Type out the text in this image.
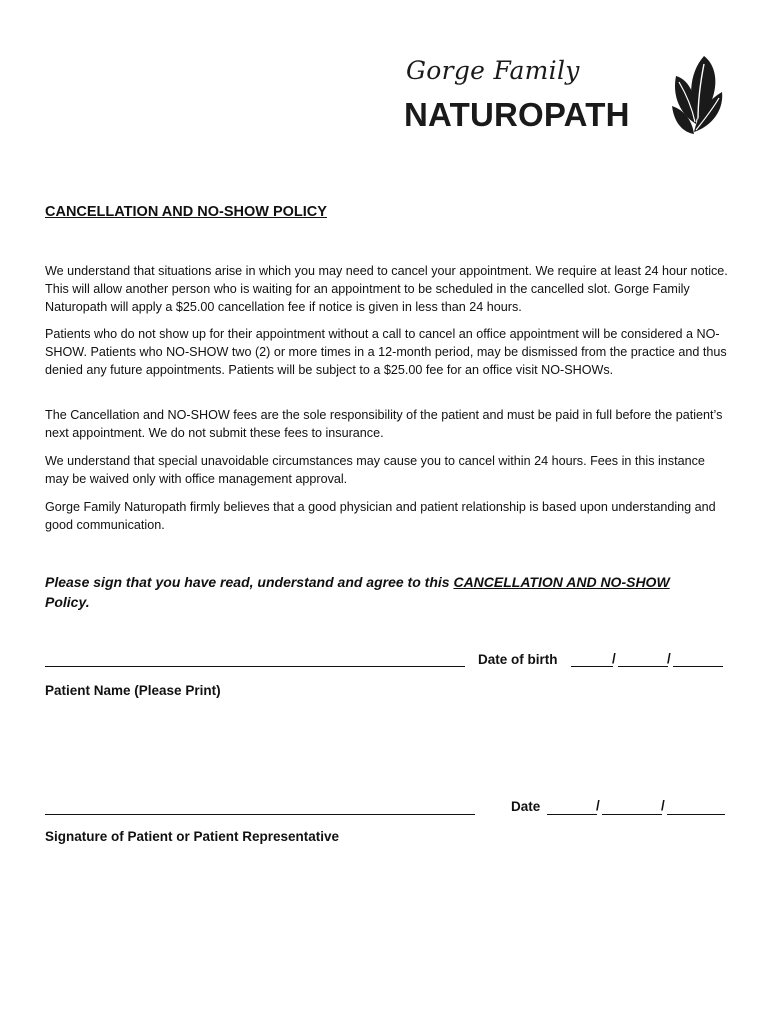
Gorge Family
NATUROPATH
CANCELLATION AND NO-SHOW POLICY

We understand that situations arise in which you may need to cancel your appointment. We require at least 24 hour notice. This will allow another person who is waiting for an appointment to be scheduled in the cancelled slot. Gorge Family Naturopath will apply a $25.00 cancellation fee if notice is given in less than 24 hours.

Patients who do not show up for their appointment without a call to cancel an office appointment will be considered a NO-SHOW. Patients who NO-SHOW two (2) or more times in a 12-month period, may be dismissed from the practice and thus denied any future appointments. Patients will be subject to a $25.00 fee for an office visit NO-SHOWs.

The Cancellation and NO-SHOW fees are the sole responsibility of the patient and must be paid in full before the patient’s next appointment. We do not submit these fees to insurance.

We understand that special unavoidable circumstances may cause you to cancel within 24 hours. Fees in this instance may be waived only with office management approval.

Gorge Family Naturopath firmly believes that a good physician and patient relationship is based upon understanding and good communication.

Please sign that you have read, understand and agree to this CANCELLATION AND NO-SHOW
Policy.
Date of birth	/	/
Patient Name (Please Print)
Date	/	/
Signature of Patient or Patient Representative
